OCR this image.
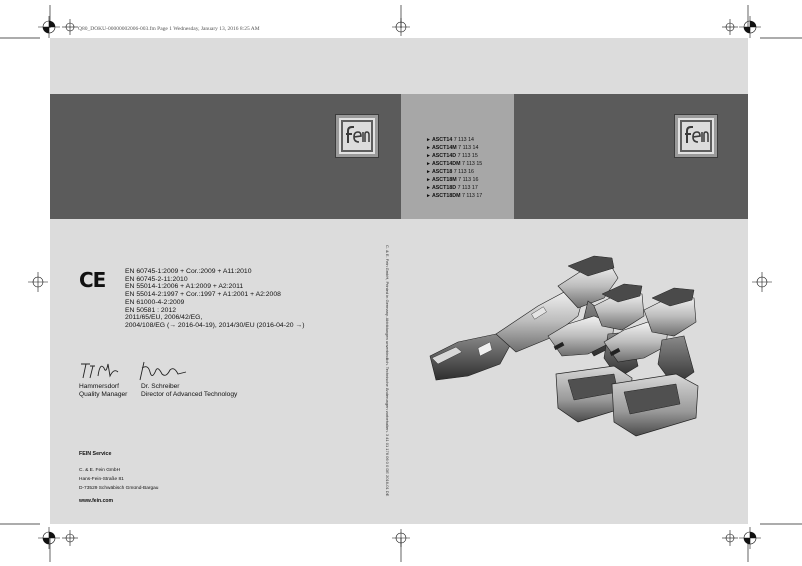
Q80_DOKU-00000002006-003.fm Page 1 Wednesday, January 13, 2016 8:25 AM
►ASCT14 7 113 14
►ASCT14M 7 113 14
►ASCT14D 7 113 15
►ASCT14DM 7 113 15
►ASCT18 7 113 16
►ASCT18M 7 113 16
►ASCT18D 7 113 17
►ASCT18DM 7 113 17
CE	EN 60745-1:2009 + Cor.:2009 + A11:2010
EN 60745-2-11:2010
EN 55014-1:2006 + A1:2009 + A2:2011
EN 55014-2:1997 + Cor.:1997 + A1:2001 + A2:2008
EN 61000-4-2:2009
EN 50581 : 2012
2011/65/EU, 2006/42/EG,
2004/108/EG (→ 2016-04-19), 2014/30/EU (2016-04-20 →)
Hammersdorf
Quality Manager
Dr. Schreiber
Director of Advanced Technology
FEIN Service
C. & E. Fein GmbH
Hans-Fein-Straße 81
D-73529 Schwäbisch Gmünd-Bargau
www.fein.com
C. & E. Fein GmbH, Printed in Germany. Abbildungen unverbindlich. Technische Änderungen vorbehalten. 3 41 01 176 06 0 0 DE 2016-01 DE
